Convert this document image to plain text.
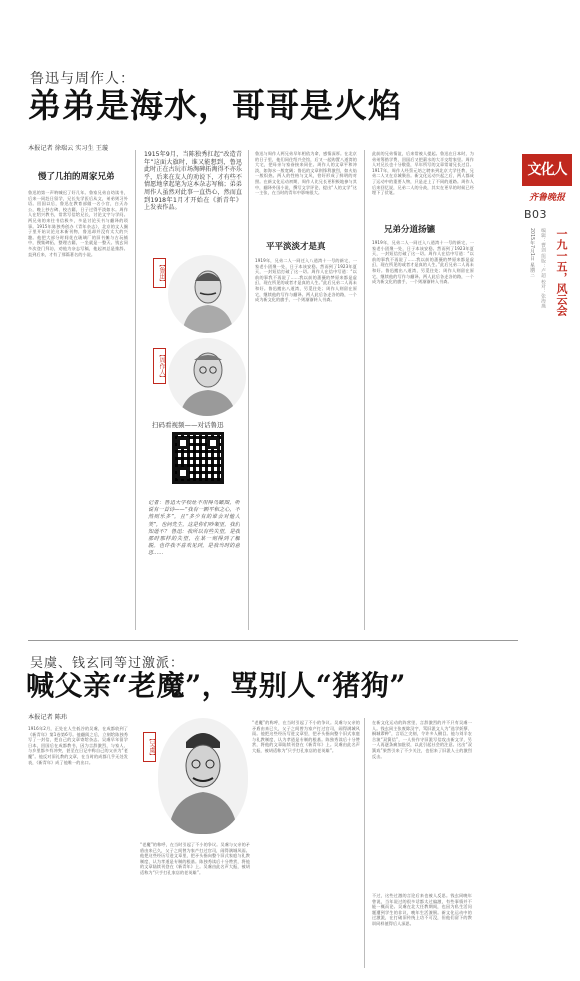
文化人
齐鲁晚报
B03
一九一五，风云会
2015年7月1日 星期三	编辑：曹剑 组版：卢超 校对：张海燕
鲁迅与周作人：
弟弟是海水，哥哥是火焰
本报记者 徐瑞云 实习生 王璇
慢了几拍的周家兄弟
鲁迅的第一声呐喊迟了好几年。鲁家兄弟自幼读书，后来一同赴日留学，兄长先学医后从文，弟弟则习外语。回国以后，鲁迅在教育部做一名小官，白天办公，晚上抄古碑、校古籍，日子过得平淡如水。周作人在绍兴教书，常常写信给兄长，讨论文字与学问。两兄弟的来往书信极多，多是讨论买书与翻译的琐事。1915年陈独秀创办《青年杂志》，北京的文人圈子里开始议论这本新刊物，鲁迅却并没有太大的兴趣。他把大部分时间花在琉璃厂的旧书摊与古玩铺中，搜集碑拓，整理古籍，一坐就是一整天。钱玄同多次登门拜访，劝他为杂志写稿，他起初总是推辞。直到后来，才有了那篇著名的小说。
1915年9月，当陈独秀扛起“改造青年”这面大旗时，谁又能想到，鲁迅此时正在古玩市场淘碑拓淘得不亦乐乎，后来在友人的劝说下，才有些不情愿地拿起笔为这本杂志写稿；弟弟周作人虽然对此事一直热心，然而直到1918年1月才开始在《新青年》上发表作品。
【鲁迅】
【周作人】
扫码看视频——对话鲁迅
记者：鲁迅大学校址不用得鸟瞰图，听说有一首诗——“我有一颗平和之心，不然则乐多”，且“多少有的谁会对他人笑”，也问先生，这是你们吵架里，我们知道不？ 鲁迅：我所以有些失望，是我那时那样的失望，在某一刻得到了解脱。也许我不喜欢见到，是我当时的意思……
鲁迅与周作人两兄弟早年相依为命，感情深厚。在北京的日子里，他们同住绍兴会馆，后又一起购置八道湾的大宅，把母亲与家眷接来同住。周作人的文章平和冲淡，如海水一般宽阔；鲁迅的文章则锋利激烈，如火焰一般炽热。两人的性格与文风，恰好形成了鲜明的对照。在新文化运动初期，周作人比兄长更积极地参与其中，翻译外国小说，撰写文学评论，提出“人的文学”这一主张，在当时的青年中影响很大。
平平淡淡才是真
1919年，兄弟二人一同迁入八道湾十一号的新宅，一家老小团聚一处，日子本该安稳。然而到了1923年夏天，一封短信打破了这一切。周作人在信中写道：“以前的事我不再说了……我以前的蔷薇的梦原来都是虚幻，现在所见的或者才是真的人生。”此后兄弟二人再未和好。鲁迅搬出八道湾，另觅住处；周作人则留在原宅，继续他的写作与翻译。两人此后各走各的路，一个成为新文化的旗手，一个则渐渐转入书斋。
此前的兄弟情谊，后来常被人提起。鲁迅在日本时，为弟弟筹措学费，回国后又把薪水的大半交给家里。周作人对兄长也十分敬重，早年所写的文章常请兄长过目。1917年，周作人经蔡元培之聘来到北京大学任教，兄弟二人又在京城聚首。新文化运动兴起之后，两人都成了运动中的重要人物，只是走上了不同的道路。周作人后来回忆说，兄弟二人的分歧，其实在更早的时候已经埋下了伏笔。
兄弟分道扬镳
1919年，兄弟二人一同迁入八道湾十一号的新宅，一家老小团聚一处，日子本该安稳。然而到了1923年夏天，一封短信打破了这一切。周作人在信中写道：“以前的事我不再说了……我以前的蔷薇的梦原来都是虚幻，现在所见的或者才是真的人生。”此后兄弟二人再未和好。鲁迅搬出八道湾，另觅住处；周作人则留在原宅，继续他的写作与翻译。两人此后各走各的路，一个成为新文化的旗手，一个则渐渐转入书斋。
吴虞、钱玄同等过激派：
喊父亲“老魔”，骂别人“猪狗”
本报记者 陈玮
1916年2月，正处在人生低谷的吴虞，在成都收到了《新青年》第1卷第6号。他翻阅之后，立刻给陈独秀写了一封信，把自己的文章寄给杂志。吴虞早年留学日本，回国后在成都教书，因为言辞激烈，与家人、与乡里都多有冲突，甚至在日记中称自己的父亲为“老魔”。他反对旧礼教的文章，在当时的成都几乎无处发表，《新青年》成了他唯一的出口。
【吴虞】
“老魔”的称呼，在当时引起了不小的争议。吴虞与父亲的矛盾由来已久，父子之间曾为家产打过官司，闹得满城风雨。他把这些经历写进文章里，把矛头指向整个旧式家庭与礼教制度，认为孝道是专制的根基。陈独秀读后十分赞赏，将他的文章陆续刊登在《新青年》上。吴虞由此名声大振，被胡适称为“只手打孔家店的老英雄”。
“老魔”的称呼，在当时引起了不小的争议。吴虞与父亲的矛盾由来已久，父子之间曾为家产打过官司，闹得满城风雨。他把这些经历写进文章里，把矛头指向整个旧式家庭与礼教制度，认为孝道是专制的根基。陈独秀读后十分赞赏，将他的文章陆续刊登在《新青年》上。吴虞由此名声大振，被胡适称为“只手打孔家店的老英雄”。
在新文化运动的阵营里，言辞激烈的并不只有吴虞一人。钱玄同主张废除汉字，骂旧派文人为“选学妖孽、桐城谬种”，言语之尖刻，令许多人侧目。他与刘半农合演“双簧信”，一人扮作守旧派写信攻击新文学，另一人再逐条痛加批驳，以此引起社会的注意。这出“双簧戏”果然引来了不少关注，也招来了旧派人士的激烈反击。
不过，这些过激的言论后来也被人反思。钱玄同晚年曾说，当年说过的很多话都太过偏激，有些事情并不能一概而论。吴虞在北大任教期间，也因为私生活问题遭到学生的非议，晚年生活潦倒。新文化运动中的过激派，在打破旧传统上功不可没，但他们留下的教训同样值得后人深思。
